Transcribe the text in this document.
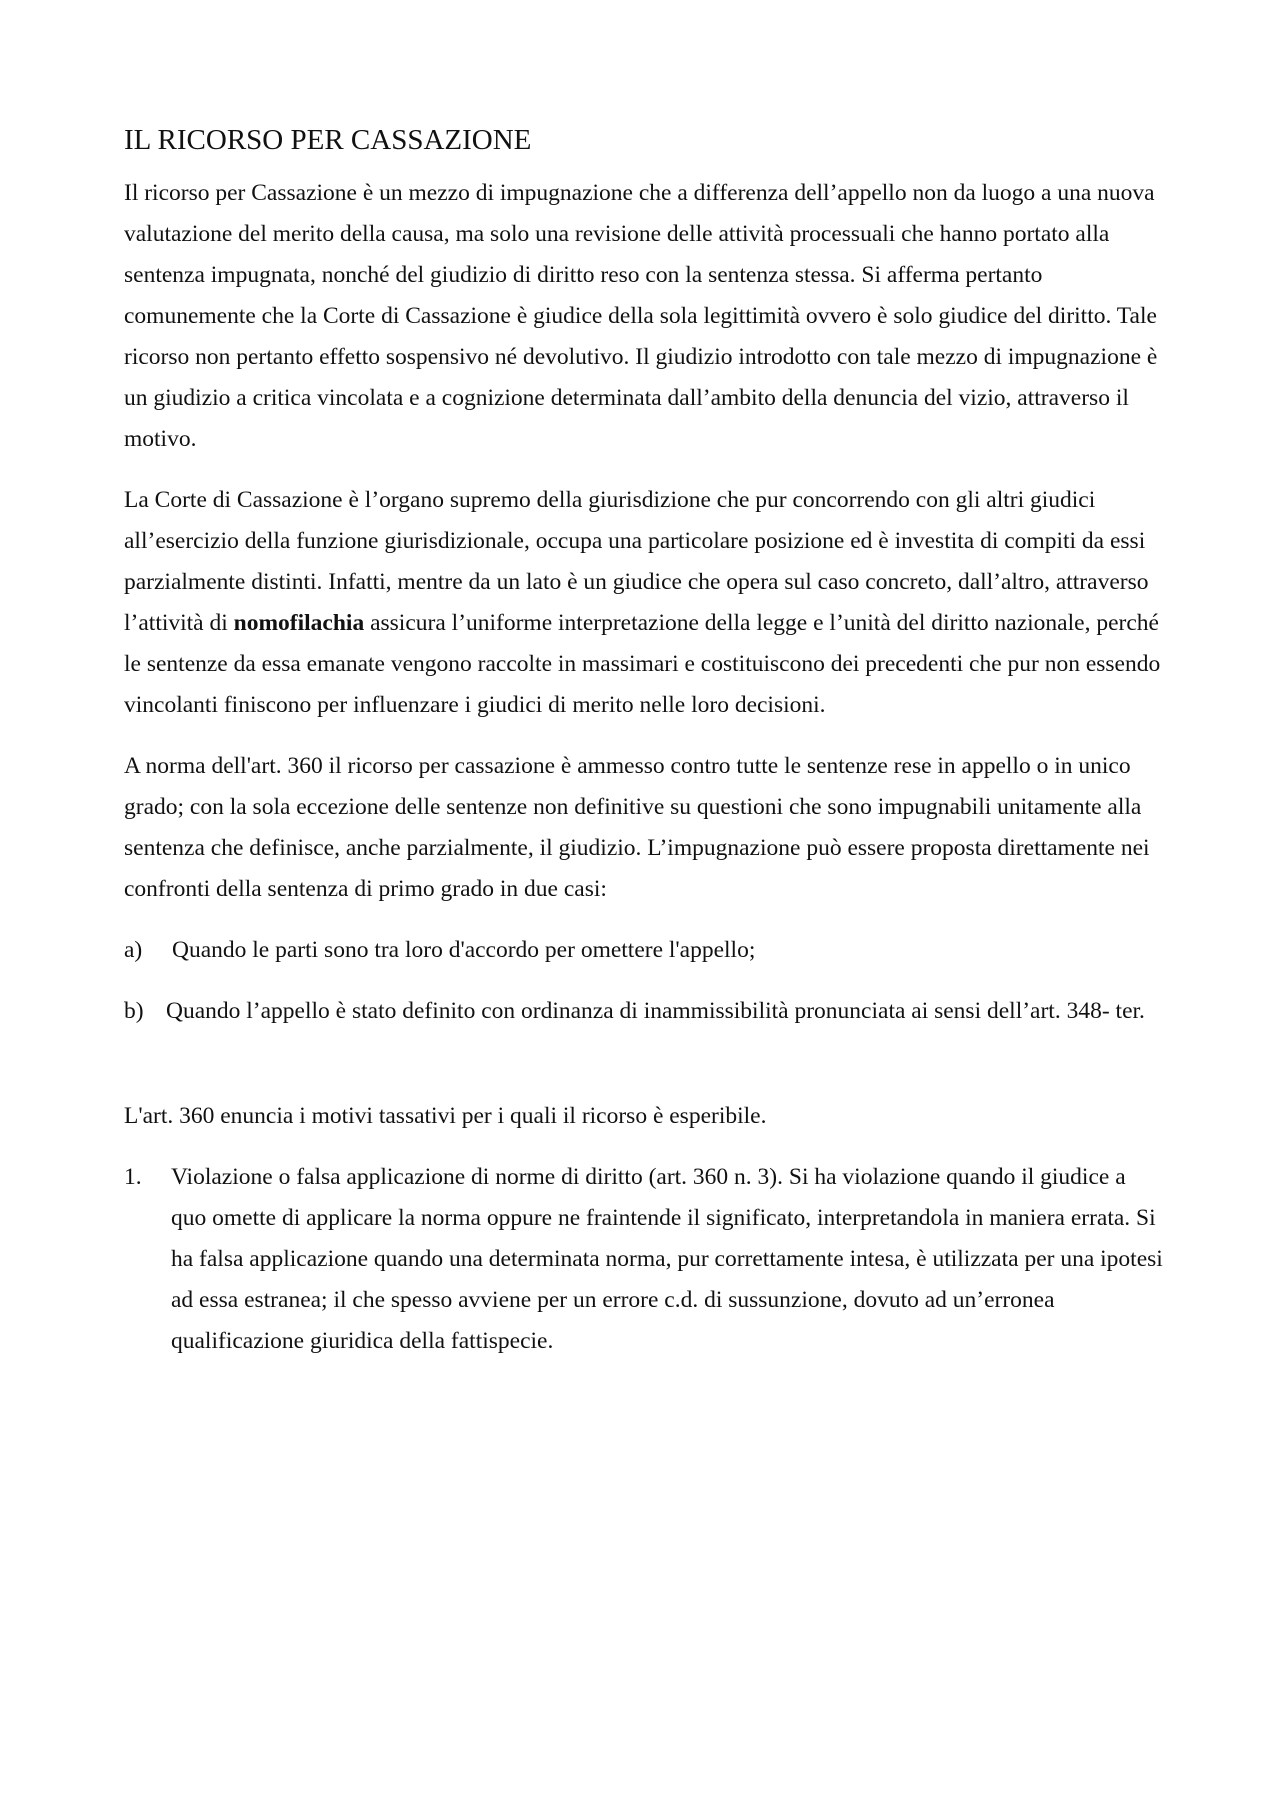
IL RICORSO PER CASSAZIONE

Il ricorso per Cassazione è un mezzo di impugnazione che a differenza dell’appello non da luogo a una nuova valutazione del merito della causa, ma solo una revisione delle attività processuali che hanno portato alla sentenza impugnata, nonché del giudizio di diritto reso con la sentenza stessa. Si afferma pertanto comunemente che la Corte di Cassazione è giudice della sola legittimità ovvero è solo giudice del diritto. Tale ricorso non pertanto effetto sospensivo né devolutivo. Il giudizio introdotto con tale mezzo di impugnazione è un giudizio a critica vincolata e a cognizione determinata dall’ambito della denuncia del vizio, attraverso il motivo.

La Corte di Cassazione è l’organo supremo della giurisdizione che pur concorrendo con gli altri giudici all’esercizio della funzione giurisdizionale, occupa una particolare posizione ed è investita di compiti da essi parzialmente distinti. Infatti, mentre da un lato è un giudice che opera sul caso concreto, dall’altro, attraverso l’attività di nomofilachia assicura l’uniforme interpretazione della legge e l’unità del diritto nazionale, perché le sentenze da essa emanate vengono raccolte in massimari e costituiscono dei precedenti che pur non essendo vincolanti finiscono per influenzare i giudici di merito nelle loro decisioni.

A norma dell'art. 360 il ricorso per cassazione è ammesso contro tutte le sentenze rese in appello o in unico grado; con la sola eccezione delle sentenze non definitive su questioni che sono impugnabili unitamente alla sentenza che definisce, anche parzialmente, il giudizio. L’impugnazione può essere proposta direttamente nei confronti della sentenza di primo grado in due casi:

a)	Quando le parti sono tra loro d'accordo per omettere l'appello;
b) Quando l’appello è stato definito con ordinanza di inammissibilità pronunciata ai sensi dell’art. 348- ter.

L'art. 360 enuncia i motivi tassativi per i quali il ricorso è esperibile.

1.	Violazione o falsa applicazione di norme di diritto (art. 360 n. 3). Si ha violazione quando il giudice a quo omette di applicare la norma oppure ne fraintende il significato, interpretandola in maniera errata. Si ha falsa applicazione quando una determinata norma, pur correttamente intesa, è utilizzata per una ipotesi ad essa estranea; il che spesso avviene per un errore c.d. di sussunzione, dovuto ad un’erronea qualificazione giuridica della fattispecie.
